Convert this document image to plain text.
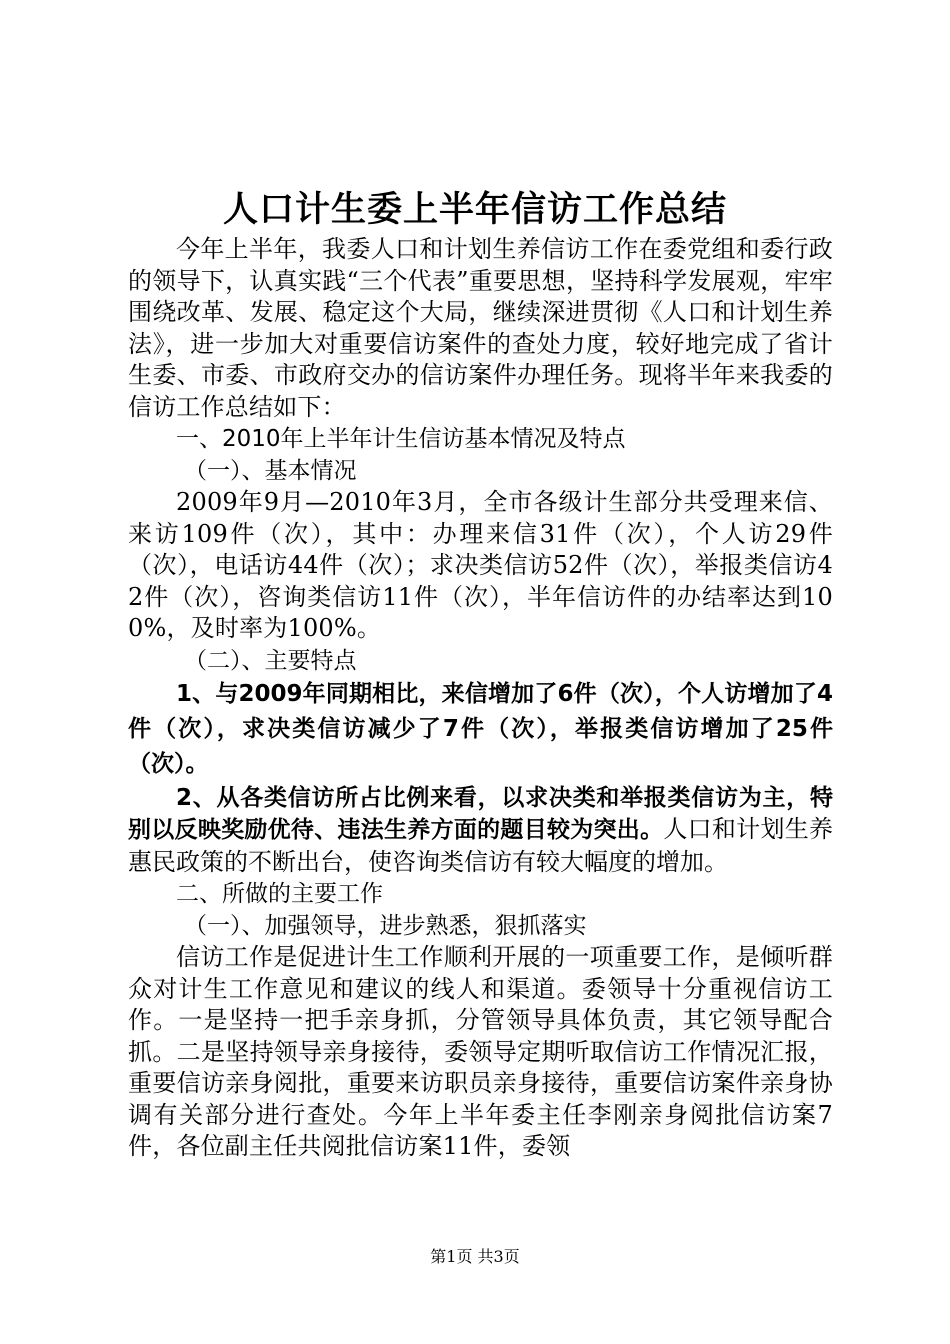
人口计生委上半年信访工作总结

今年上半年，我委人口和计划生养信访工作在委党组和委行政的领导下，认真实践“三个代表”重要思想，坚持科学发展观，牢牢围绕改革、发展、稳定这个大局，继续深进贯彻《人口和计划生养法》，进一步加大对重要信访案件的查处力度，较好地完成了省计生委、市委、市政府交办的信访案件办理任务。现将半年来我委的信访工作总结如下：

一、2010年上半年计生信访基本情况及特点

（一）、基本情况

2009年9月—2010年3月，全市各级计生部分共受理来信、来访109件（次），其中：办理来信31件（次），个人访29件（次），电话访44件（次）；求决类信访52件（次），举报类信访42件（次），咨询类信访11件（次），半年信访件的办结率达到100%，及时率为100%。

（二）、主要特点

1、与2009年同期相比，来信增加了6件（次），个人访增加了4件（次），求决类信访减少了7件（次），举报类信访增加了25件（次）。

2、从各类信访所占比例来看，以求决类和举报类信访为主，特别以反映奖励优待、违法生养方面的题目较为突出。人口和计划生养惠民政策的不断出台，使咨询类信访有较大幅度的增加。

二、所做的主要工作

（一）、加强领导，进步熟悉，狠抓落实

信访工作是促进计生工作顺利开展的一项重要工作，是倾听群众对计生工作意见和建议的线人和渠道。委领导十分重视信访工作。一是坚持一把手亲身抓，分管领导具体负责，其它领导配合抓。二是坚持领导亲身接待，委领导定期听取信访工作情况汇报，重要信访亲身阅批，重要来访职员亲身接待，重要信访案件亲身协调有关部分进行查处。今年上半年委主任李刚亲身阅批信访案7件，各位副主任共阅批信访案11件，委领

第1页 共3页
